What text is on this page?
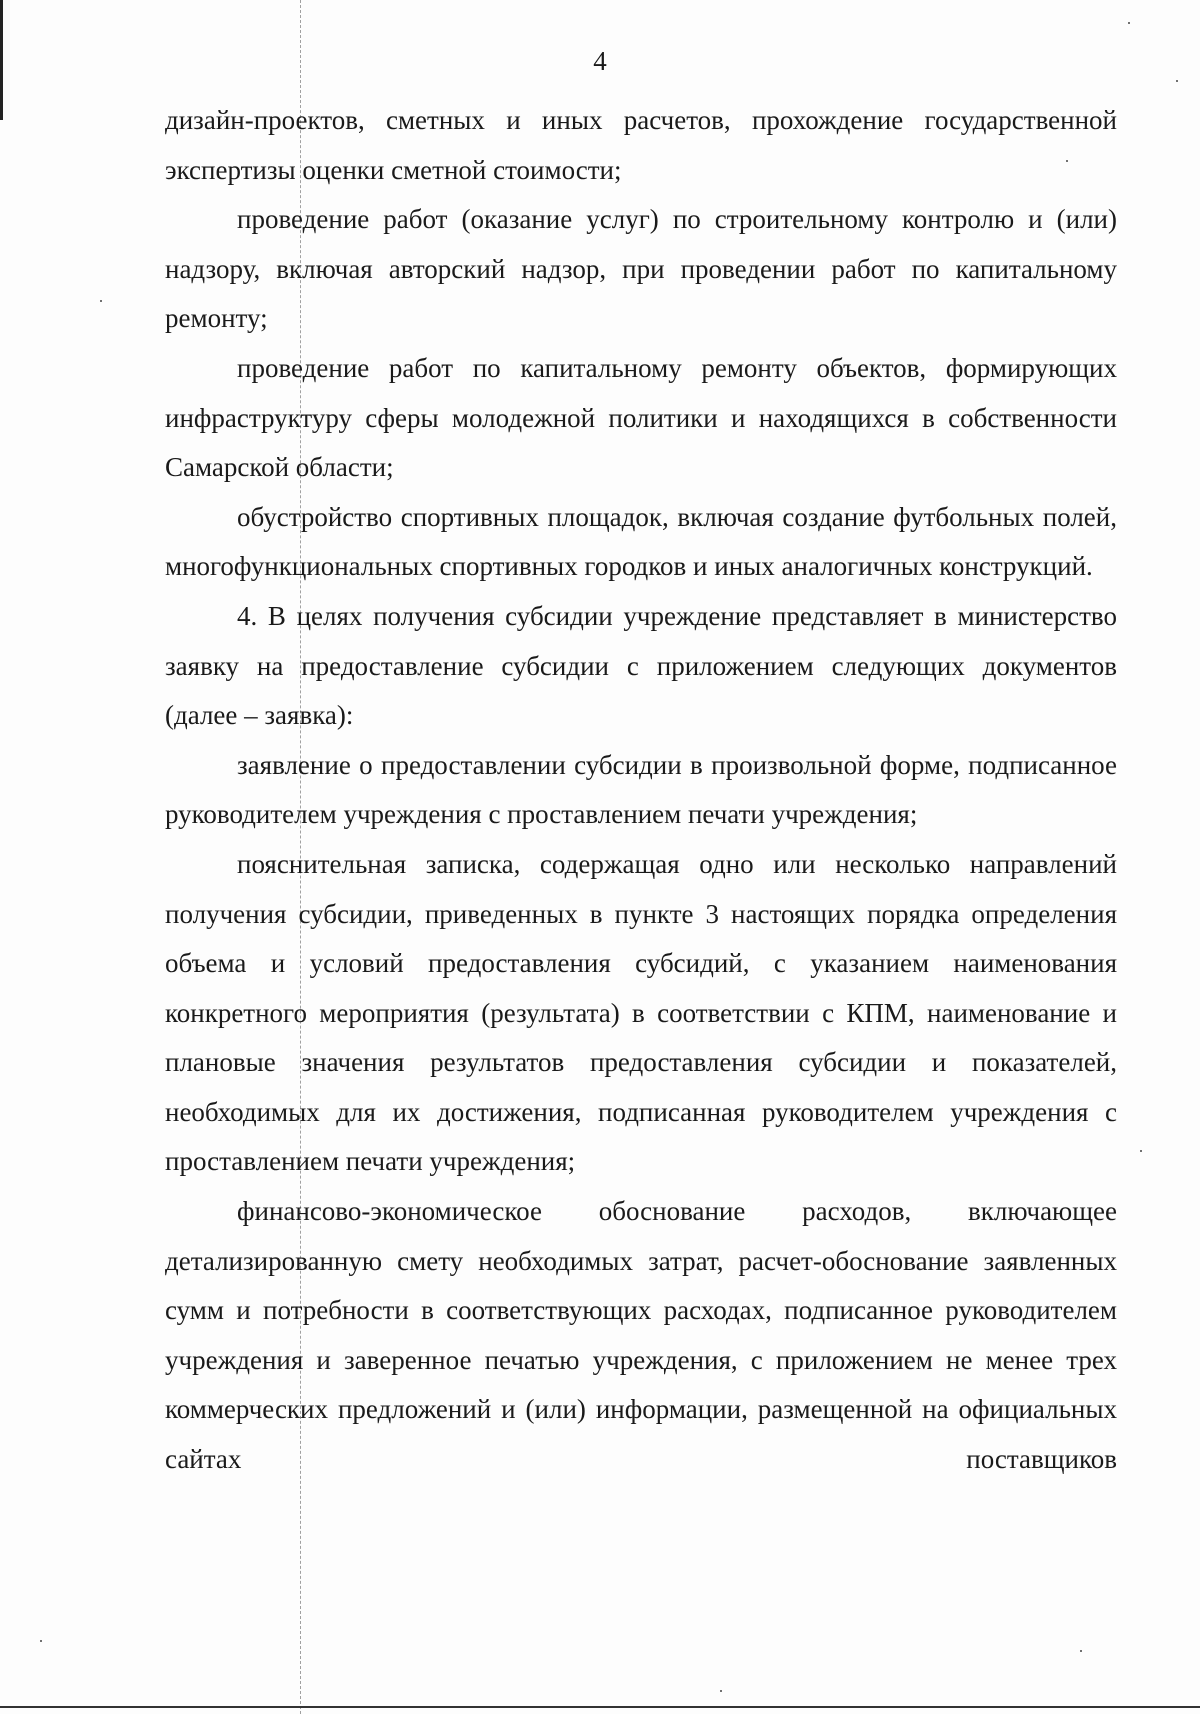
4

дизайн-проектов, сметных и иных расчетов, прохождение государственной экспертизы оценки сметной стоимости;

проведение работ (оказание услуг) по строительному контролю и (или) надзору, включая авторский надзор, при проведении работ по капитальному ремонту;

проведение работ по капитальному ремонту объектов, формирующих инфраструктуру сферы молодежной политики и находящихся в собственности Самарской области;

обустройство спортивных площадок, включая создание футбольных полей, многофункциональных спортивных городков и иных аналогичных конструкций.

4. В целях получения субсидии учреждение представляет в министерство заявку на предоставление субсидии с приложением следующих документов (далее – заявка):

заявление о предоставлении субсидии в произвольной форме, подписанное руководителем учреждения с проставлением печати учреждения;

пояснительная записка, содержащая одно или несколько направлений получения субсидии, приведенных в пункте 3 настоящих порядка определения объема и условий предоставления субсидий, с указанием наименования конкретного мероприятия (результата) в соответствии с КПМ, наименование и плановые значения результатов предоставления субсидии и показателей, необходимых для их достижения, подписанная руководителем учреждения с проставлением печати учреждения;

финансово-экономическое обоснование расходов, включающее детализированную смету необходимых затрат, расчет-обоснование заявленных сумм и потребности в соответствующих расходах, подписанное руководителем учреждения и заверенное печатью учреждения, с приложением не менее трех коммерческих предложений и (или) информации, размещенной на официальных сайтах поставщиков
